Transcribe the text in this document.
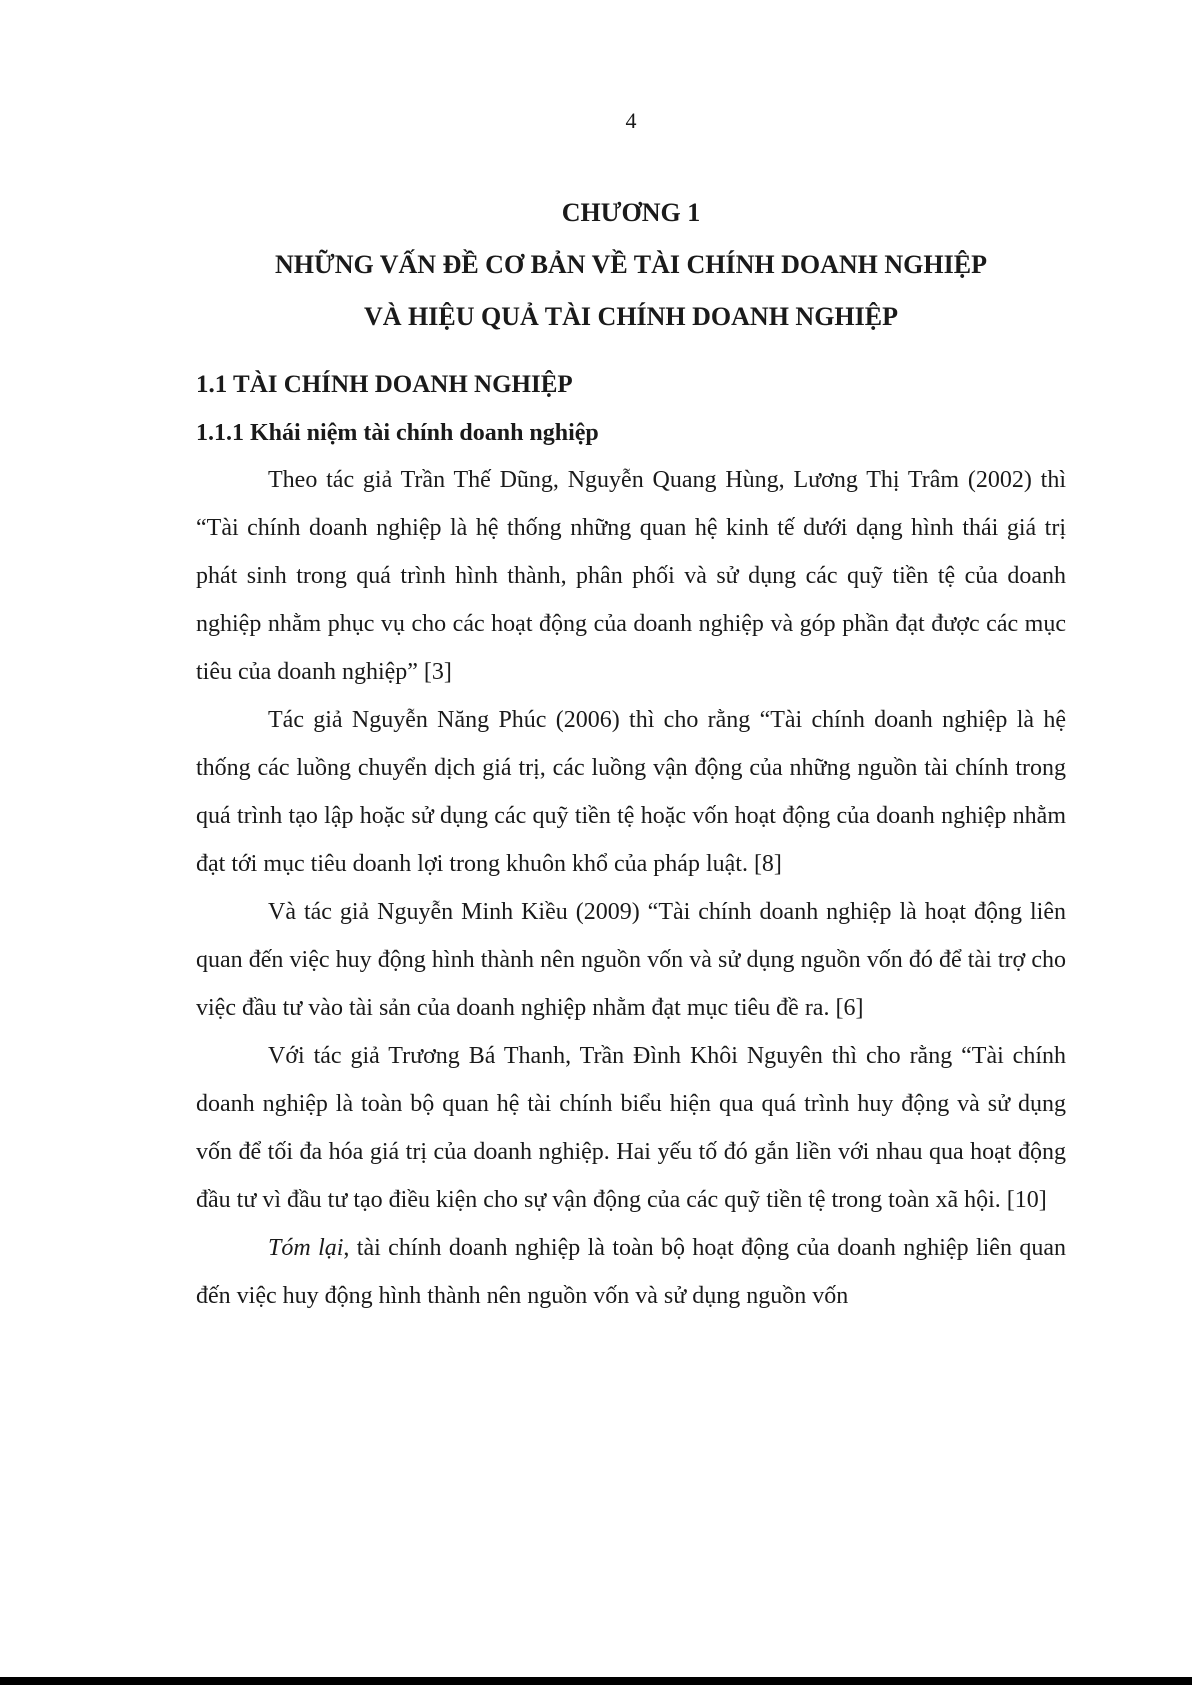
4
CHƯƠNG 1
NHỮNG VẤN ĐỀ CƠ BẢN VỀ TÀI CHÍNH DOANH NGHIỆP
VÀ HIỆU QUẢ TÀI CHÍNH DOANH NGHIỆP
1.1 TÀI CHÍNH DOANH NGHIỆP
1.1.1 Khái niệm tài chính doanh nghiệp

Theo tác giả Trần Thế Dũng, Nguyễn Quang Hùng, Lương Thị Trâm (2002) thì “Tài chính doanh nghiệp là hệ thống những quan hệ kinh tế dưới dạng hình thái giá trị phát sinh trong quá trình hình thành, phân phối và sử dụng các quỹ tiền tệ của doanh nghiệp nhằm phục vụ cho các hoạt động của doanh nghiệp và góp phần đạt được các mục tiêu của doanh nghiệp” [3]

Tác giả Nguyễn Năng Phúc (2006) thì cho rằng “Tài chính doanh nghiệp là hệ thống các luồng chuyển dịch giá trị, các luồng vận động của những nguồn tài chính trong quá trình tạo lập hoặc sử dụng các quỹ tiền tệ hoặc vốn hoạt động của doanh nghiệp nhằm đạt tới mục tiêu doanh lợi trong khuôn khổ của pháp luật. [8]

Và tác giả Nguyễn Minh Kiều (2009) “Tài chính doanh nghiệp là hoạt động liên quan đến việc huy động hình thành nên nguồn vốn và sử dụng nguồn vốn đó để tài trợ cho việc đầu tư vào tài sản của doanh nghiệp nhằm đạt mục tiêu đề ra. [6]

Với tác giả Trương Bá Thanh, Trần Đình Khôi Nguyên thì cho rằng “Tài chính doanh nghiệp là toàn bộ quan hệ tài chính biểu hiện qua quá trình huy động và sử dụng vốn để tối đa hóa giá trị của doanh nghiệp. Hai yếu tố đó gắn liền với nhau qua hoạt động đầu tư vì đầu tư tạo điều kiện cho sự vận động của các quỹ tiền tệ trong toàn xã hội. [10]

Tóm lại, tài chính doanh nghiệp là toàn bộ hoạt động của doanh nghiệp liên quan đến việc huy động hình thành nên nguồn vốn và sử dụng nguồn vốn
